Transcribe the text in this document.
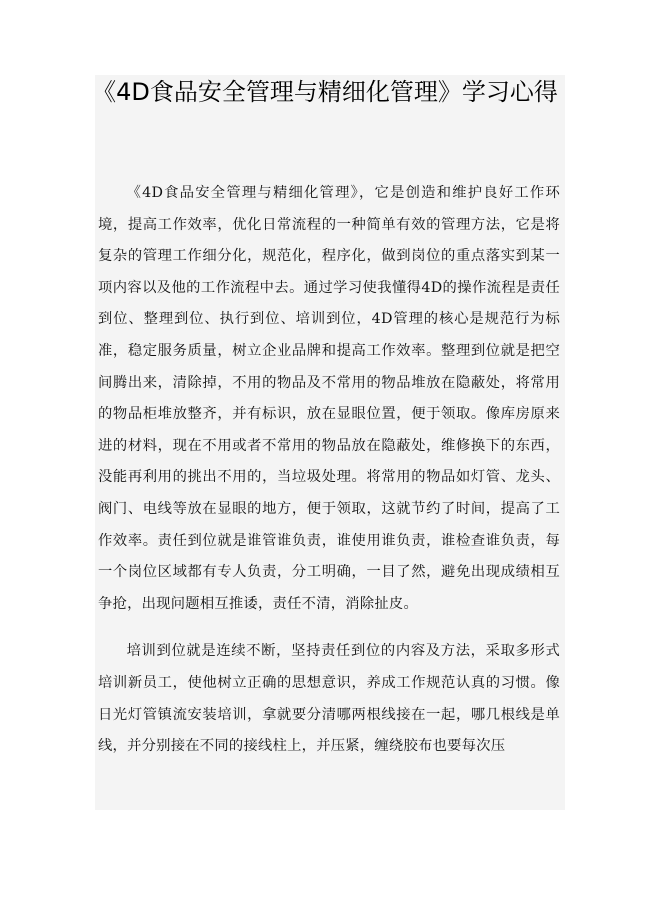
《4D食品安全管理与精细化管理》学习心得

《4D食品安全管理与精细化管理》，它是创造和维护良好工作环境，提高工作效率，优化日常流程的一种简单有效的管理方法，它是将复杂的管理工作细分化，规范化，程序化，做到岗位的重点落实到某一项内容以及他的工作流程中去。通过学习使我懂得4D的操作流程是责任到位、整理到位、执行到位、培训到位，4D管理的核心是规范行为标准，稳定服务质量，树立企业品牌和提高工作效率。整理到位就是把空间腾出来，清除掉，不用的物品及不常用的物品堆放在隐蔽处，将常用的物品柜堆放整齐，并有标识，放在显眼位置，便于领取。像库房原来进的材料，现在不用或者不常用的物品放在隐蔽处，维修换下的东西，没能再利用的挑出不用的，当垃圾处理。将常用的物品如灯管、龙头、阀门、电线等放在显眼的地方，便于领取，这就节约了时间，提高了工作效率。责任到位就是谁管谁负责，谁使用谁负责，谁检查谁负责，每一个岗位区域都有专人负责，分工明确，一目了然，避免出现成绩相互争抢，出现问题相互推诿，责任不清，消除扯皮。

培训到位就是连续不断，坚持责任到位的内容及方法，采取多形式培训新员工，使他树立正确的思想意识，养成工作规范认真的习惯。像日光灯管镇流安装培训，拿就要分清哪两根线接在一起，哪几根线是单线，并分别接在不同的接线柱上，并压紧，缠绕胶布也要每次压
